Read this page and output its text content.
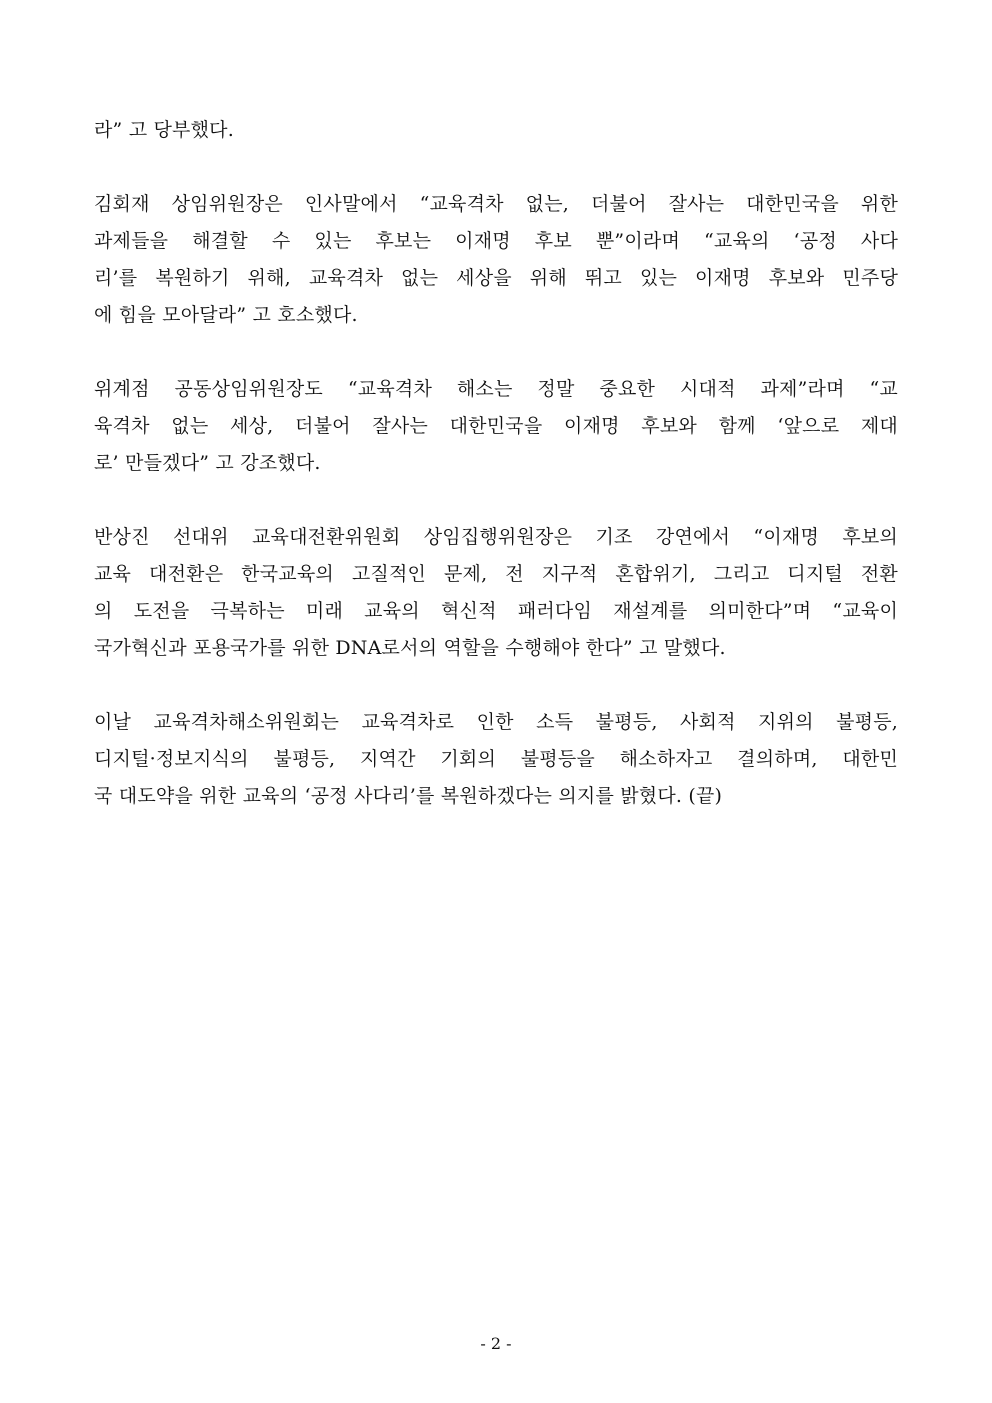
라” 고 당부했다.

김회재 상임위원장은 인사말에서 “교육격차 없는, 더불어 잘사는 대한민국을 위한
과제들을 해결할 수 있는 후보는 이재명 후보 뿐”이라며 “교육의 ‘공정 사다
리’를 복원하기 위해, 교육격차 없는 세상을 위해 뛰고 있는 이재명 후보와 민주당
에 힘을 모아달라” 고 호소했다.

위계점 공동상임위원장도 “교육격차 해소는 정말 중요한 시대적 과제”라며 “교
육격차 없는 세상, 더불어 잘사는 대한민국을 이재명 후보와 함께 ‘앞으로 제대
로’ 만들겠다” 고 강조했다.

반상진 선대위 교육대전환위원회 상임집행위원장은 기조 강연에서 “이재명 후보의
교육 대전환은 한국교육의 고질적인 문제, 전 지구적 혼합위기, 그리고 디지털 전환
의 도전을 극복하는 미래 교육의 혁신적 패러다임 재설계를 의미한다”며 “교육이
국가혁신과 포용국가를 위한 DNA로서의 역할을 수행해야 한다” 고 말했다.

이날 교육격차해소위원회는 교육격차로 인한 소득 불평등, 사회적 지위의 불평등,
디지털·정보지식의 불평등, 지역간 기회의 불평등을 해소하자고 결의하며, 대한민
국 대도약을 위한 교육의 ‘공정 사다리’를 복원하겠다는 의지를 밝혔다. (끝)

- 2 -
